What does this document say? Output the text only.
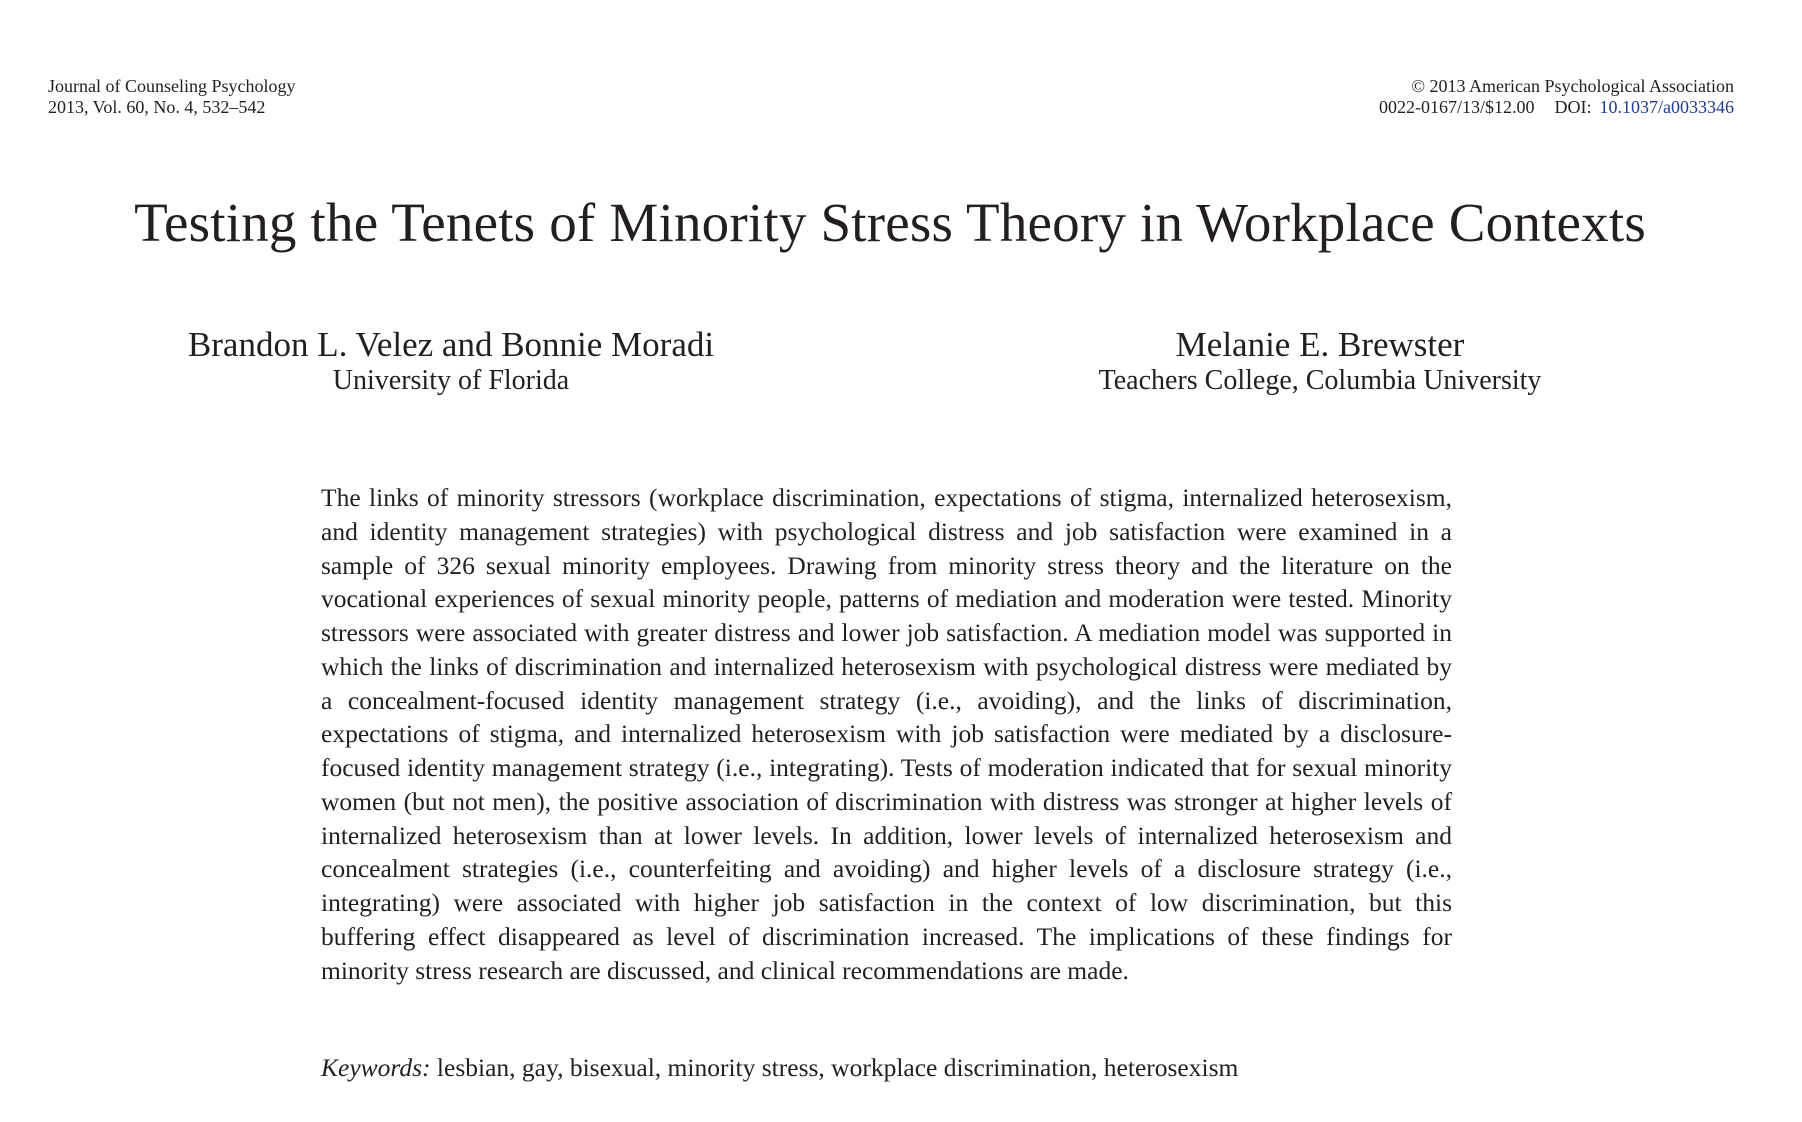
Journal of Counseling Psychology
2013, Vol. 60, No. 4, 532–542
© 2013 American Psychological Association
0022-0167/13/$12.00 DOI: 10.1037/a0033346
Testing the Tenets of Minority Stress Theory in Workplace Contexts
Brandon L. Velez and Bonnie Moradi
University of Florida
Melanie E. Brewster
Teachers College, Columbia University

The links of minority stressors (workplace discrimination, expectations of stigma, internalized heterosexism, and identity management strategies) with psychological distress and job satisfaction were examined in a sample of 326 sexual minority employees. Drawing from minority stress theory and the literature on the vocational experiences of sexual minority people, patterns of mediation and moderation were tested. Minority stressors were associated with greater distress and lower job satisfaction. A mediation model was supported in which the links of discrimination and internalized heterosexism with psychological distress were mediated by a concealment-focused identity management strategy (i.e., avoiding), and the links of discrimination, expectations of stigma, and internalized heterosexism with job satisfaction were mediated by a disclosure-focused identity management strategy (i.e., integrating). Tests of moderation indicated that for sexual minority women (but not men), the positive association of discrimination with distress was stronger at higher levels of internalized heterosexism than at lower levels. In addition, lower levels of internalized heterosexism and concealment strategies (i.e., counterfeiting and avoiding) and higher levels of a disclosure strategy (i.e., integrating) were associated with higher job satisfaction in the context of low discrimination, but this buffering effect disappeared as level of discrimination increased. The implications of these findings for minority stress research are discussed, and clinical recommendations are made.

Keywords: lesbian, gay, bisexual, minority stress, workplace discrimination, heterosexism
